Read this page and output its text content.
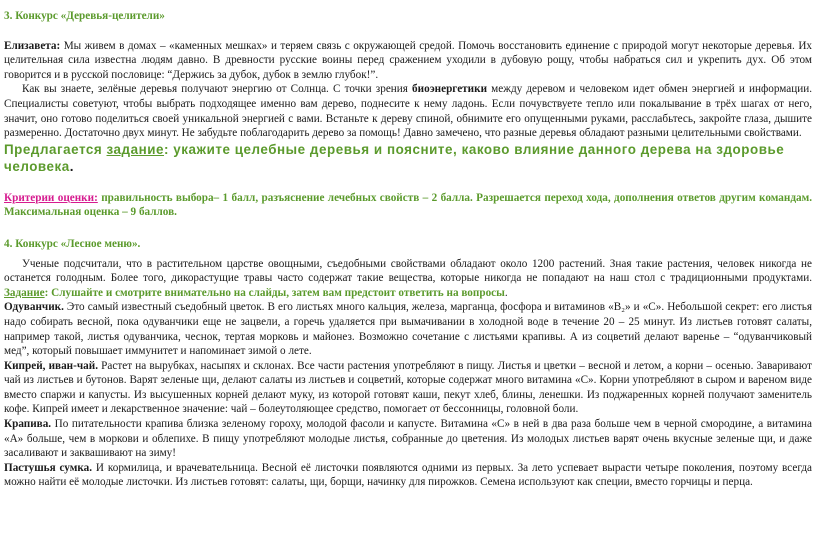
3. Конкурс «Деревья-целители»

Елизавета: Мы живем в домах – «каменных мешках» и теряем связь с окружающей средой. Помочь восстановить единение с природой могут некоторые деревья. Их целительная сила известна людям давно. В древности русские воины перед сражением уходили в дубовую рощу, чтобы набраться сил и укрепить дух. Об этом говорится и в русской пословице: “Держись за дубок, дубок в землю глубок!”.

Как вы знаете, зелёные деревья получают энергию от Солнца. С точки зрения биоэнергетики между деревом и человеком идет обмен энергией и информации. Специалисты советуют, чтобы выбрать подходящее именно вам дерево, поднесите к нему ладонь. Если почувствуете тепло или покалывание в трёх шагах от него, значит, оно готово поделиться своей уникальной энергией с вами. Встаньте к дереву спиной, обнимите его опущенными руками, расслабьтесь, закройте глаза, дышите размеренно. Достаточно двух минут. Не забудьте поблагодарить дерево за помощь! Давно замечено, что разные деревья обладают разными целительными свойствами.

Предлагается задание: укажите целебные деревья и поясните, каково влияние данного дерева на здоровье человека.

Критерии оценки: правильность выбора– 1 балл, разъяснение лечебных свойств – 2 балла. Разрешается переход хода, дополнения ответов другим командам. Максимальная оценка – 9 баллов.

4. Конкурс «Лесное меню».

Ученые подсчитали, что в растительном царстве овощными, съедобными свойствами обладают около 1200 растений. Зная такие растения, человек никогда не останется голодным. Более того, дикорастущие травы часто содержат такие вещества, которые никогда не попадают на наш стол с традиционными продуктами. Задание: Слушайте и смотрите внимательно на слайды, затем вам предстоит ответить на вопросы.

Одуванчик. Это самый известный съедобный цветок. В его листьях много кальция, железа, марганца, фосфора и витаминов «В₂» и «С». Небольшой секрет: его листья надо собирать весной, пока одуванчики еще не зацвели, а горечь удаляется при вымачивании в холодной воде в течение 20 – 25 минут. Из листьев готовят салаты, например такой, листья одуванчика, чеснок, тертая морковь и майонез. Возможно сочетание с листьями крапивы. А из соцветий делают варенье – “одуванчиковый мед”, который повышает иммунитет и напоминает зимой о лете.

Кипрей, иван-чай. Растет на вырубках, насыпях и склонах. Все части растения употребляют в пищу. Листья и цветки – весной и летом, а корни – осенью. Заваривают чай из листьев и бутонов. Варят зеленые щи, делают салаты из листьев и соцветий, которые содержат много витамина «С». Корни употребляют в сыром и вареном виде вместо спаржи и капусты. Из высушенных корней делают муку, из которой готовят каши, пекут хлеб, блины, ленешки. Из поджаренных корней получают заменитель кофе. Кипрей имеет и лекарственное значение: чай – болеутоляющее средство, помогает от бессонницы, головной боли.

Крапива. По питательности крапива близка зеленому гороху, молодой фасоли и капусте. Витамина «С» в ней в два раза больше чем в черной смородине, а витамина «А» больше, чем в моркови и облепихе. В пищу употребляют молодые листья, собранные до цветения. Из молодых листьев варят очень вкусные зеленые щи, и даже засаливают и заквашивают на зиму!

Пастушья сумка. И кормилица, и врачевательница. Весной её листочки появляются одними из первых. За лето успевает вырасти четыре поколения, поэтому всегда можно найти её молодые листочки. Из листьев готовят: салаты, щи, борщи, начинку для пирожков. Семена используют как специи, вместо горчицы и перца.
